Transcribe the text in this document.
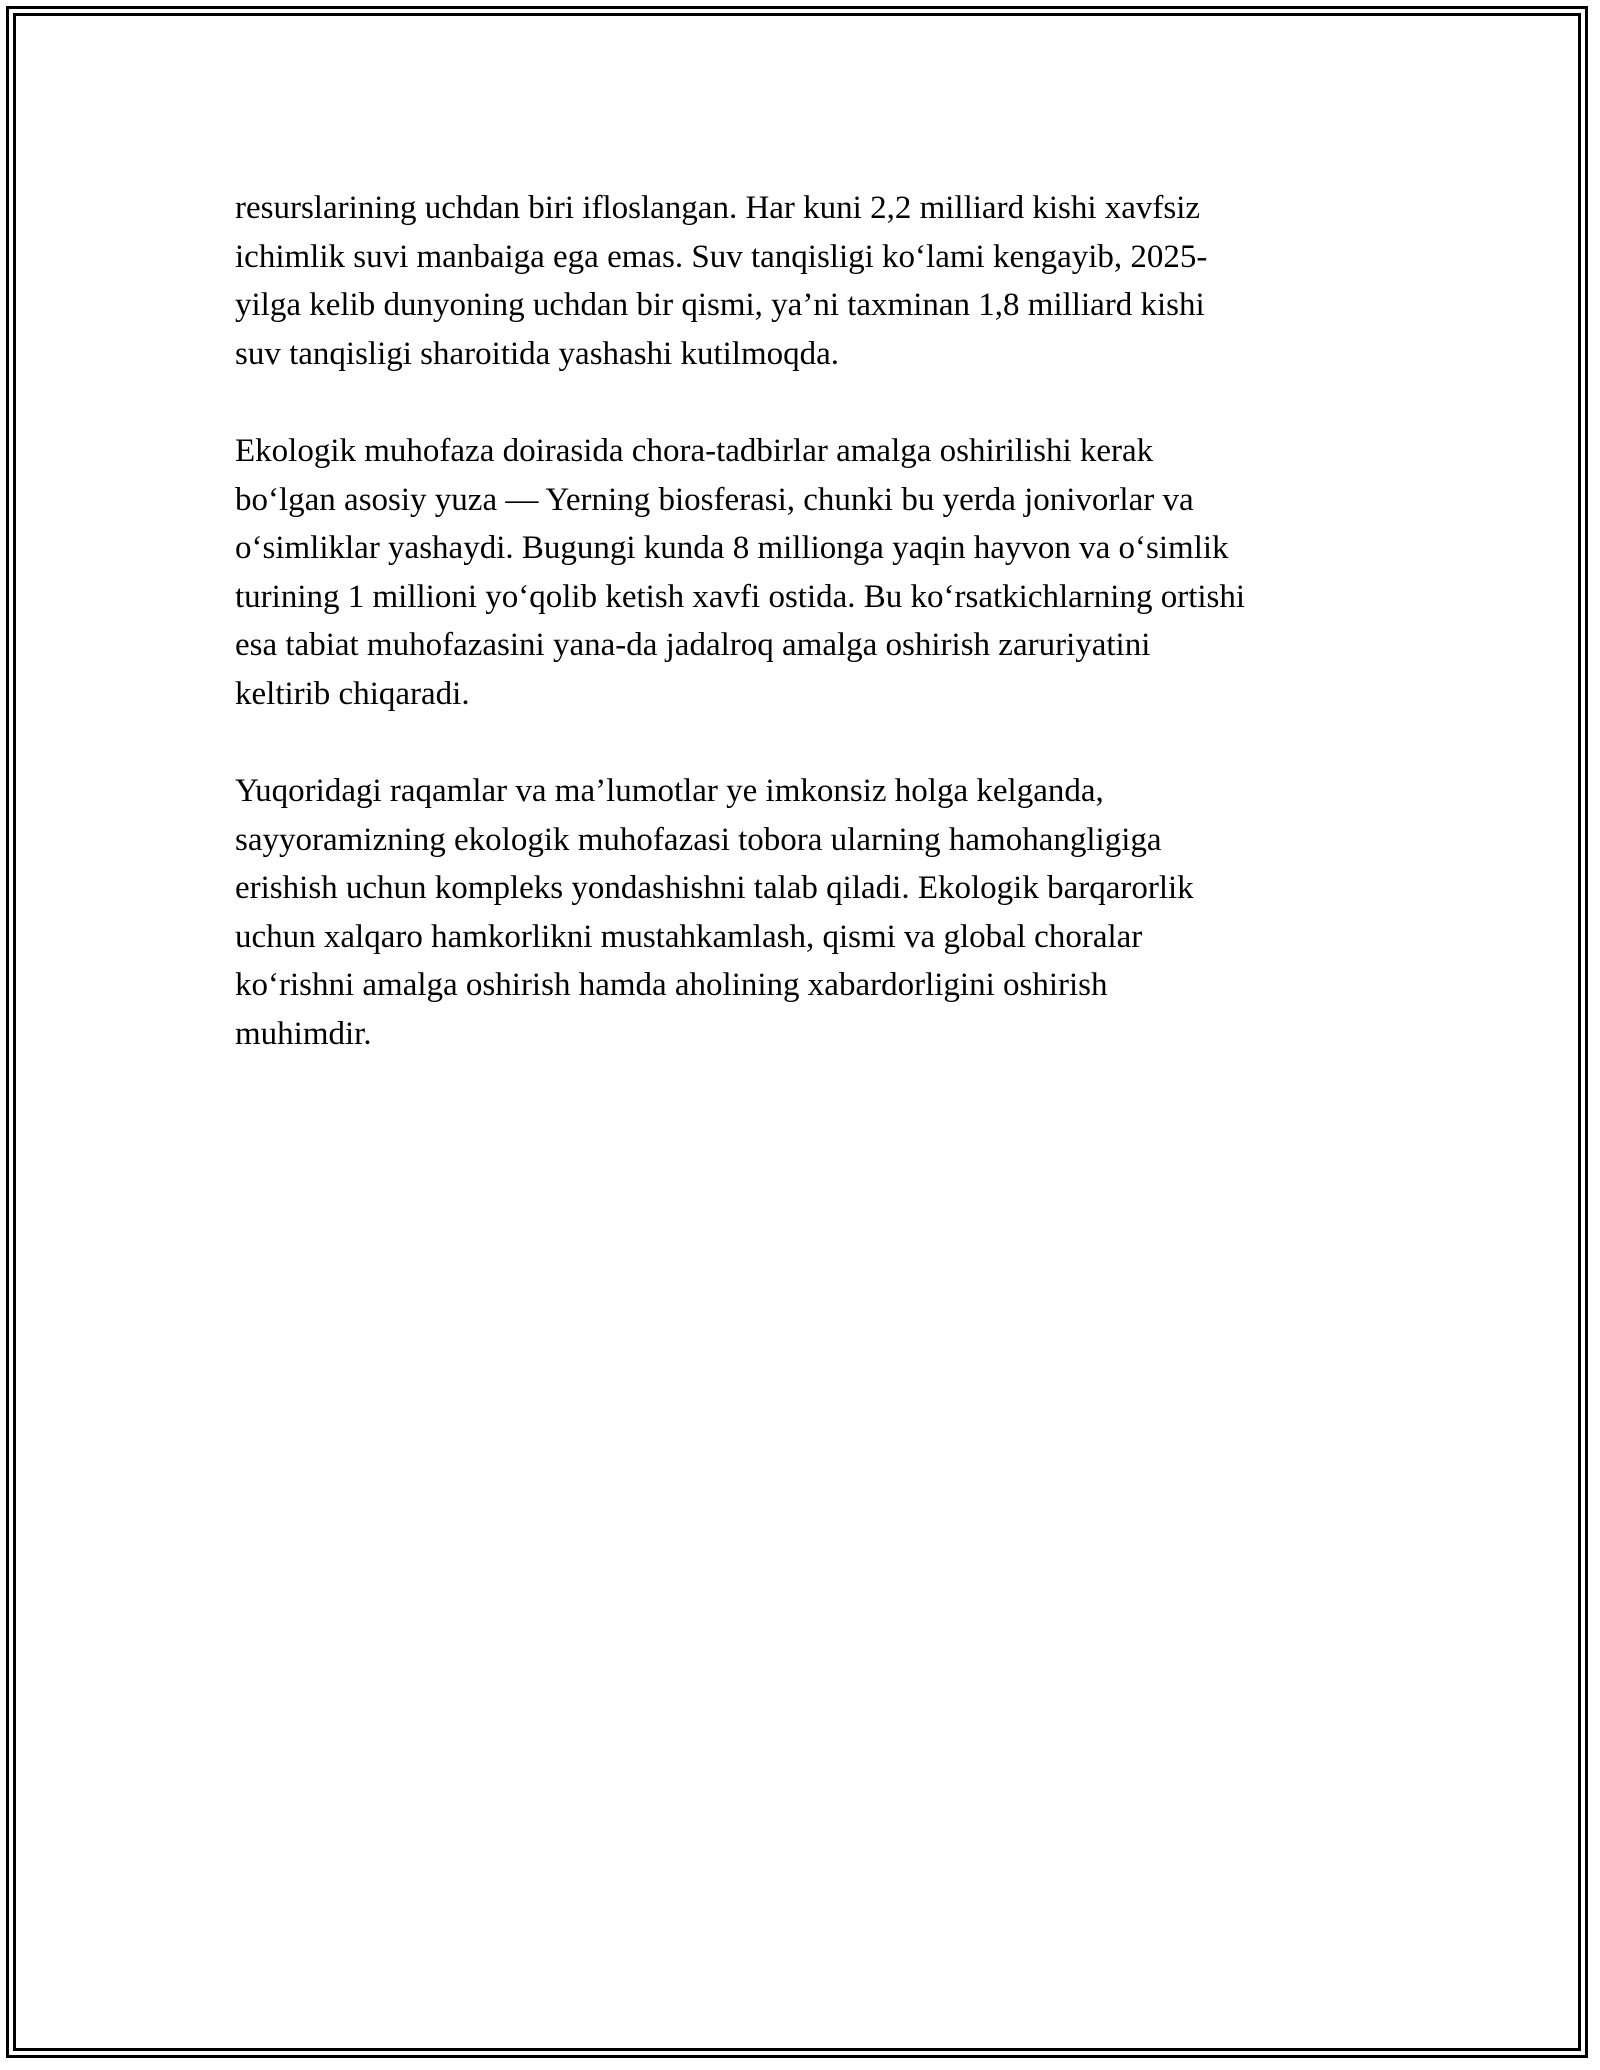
resurslarining uchdan biri ifloslangan. Har kuni 2,2 milliard kishi xavfsiz
ichimlik suvi manbaiga ega emas. Suv tanqisligi ko‘lami kengayib, 2025-
yilga kelib dunyoning uchdan bir qismi, ya’ni taxminan 1,8 milliard kishi
suv tanqisligi sharoitida yashashi kutilmoqda.

Ekologik muhofaza doirasida chora-tadbirlar amalga oshirilishi kerak
bo‘lgan asosiy yuza — Yerning biosferasi, chunki bu yerda jonivorlar va
o‘simliklar yashaydi. Bugungi kunda 8 millionga yaqin hayvon va o‘simlik
turining 1 millioni yo‘qolib ketish xavfi ostida. Bu ko‘rsatkichlarning ortishi
esa tabiat muhofazasini yana-da jadalroq amalga oshirish zaruriyatini
keltirib chiqaradi.

Yuqoridagi raqamlar va ma’lumotlar ye imkonsiz holga kelganda,
sayyoramizning ekologik muhofazasi tobora ularning hamohangligiga
erishish uchun kompleks yondashishni talab qiladi. Ekologik barqarorlik
uchun xalqaro hamkorlikni mustahkamlash, qismi va global choralar
ko‘rishni amalga oshirish hamda aholining xabardorligini oshirish
muhimdir.
